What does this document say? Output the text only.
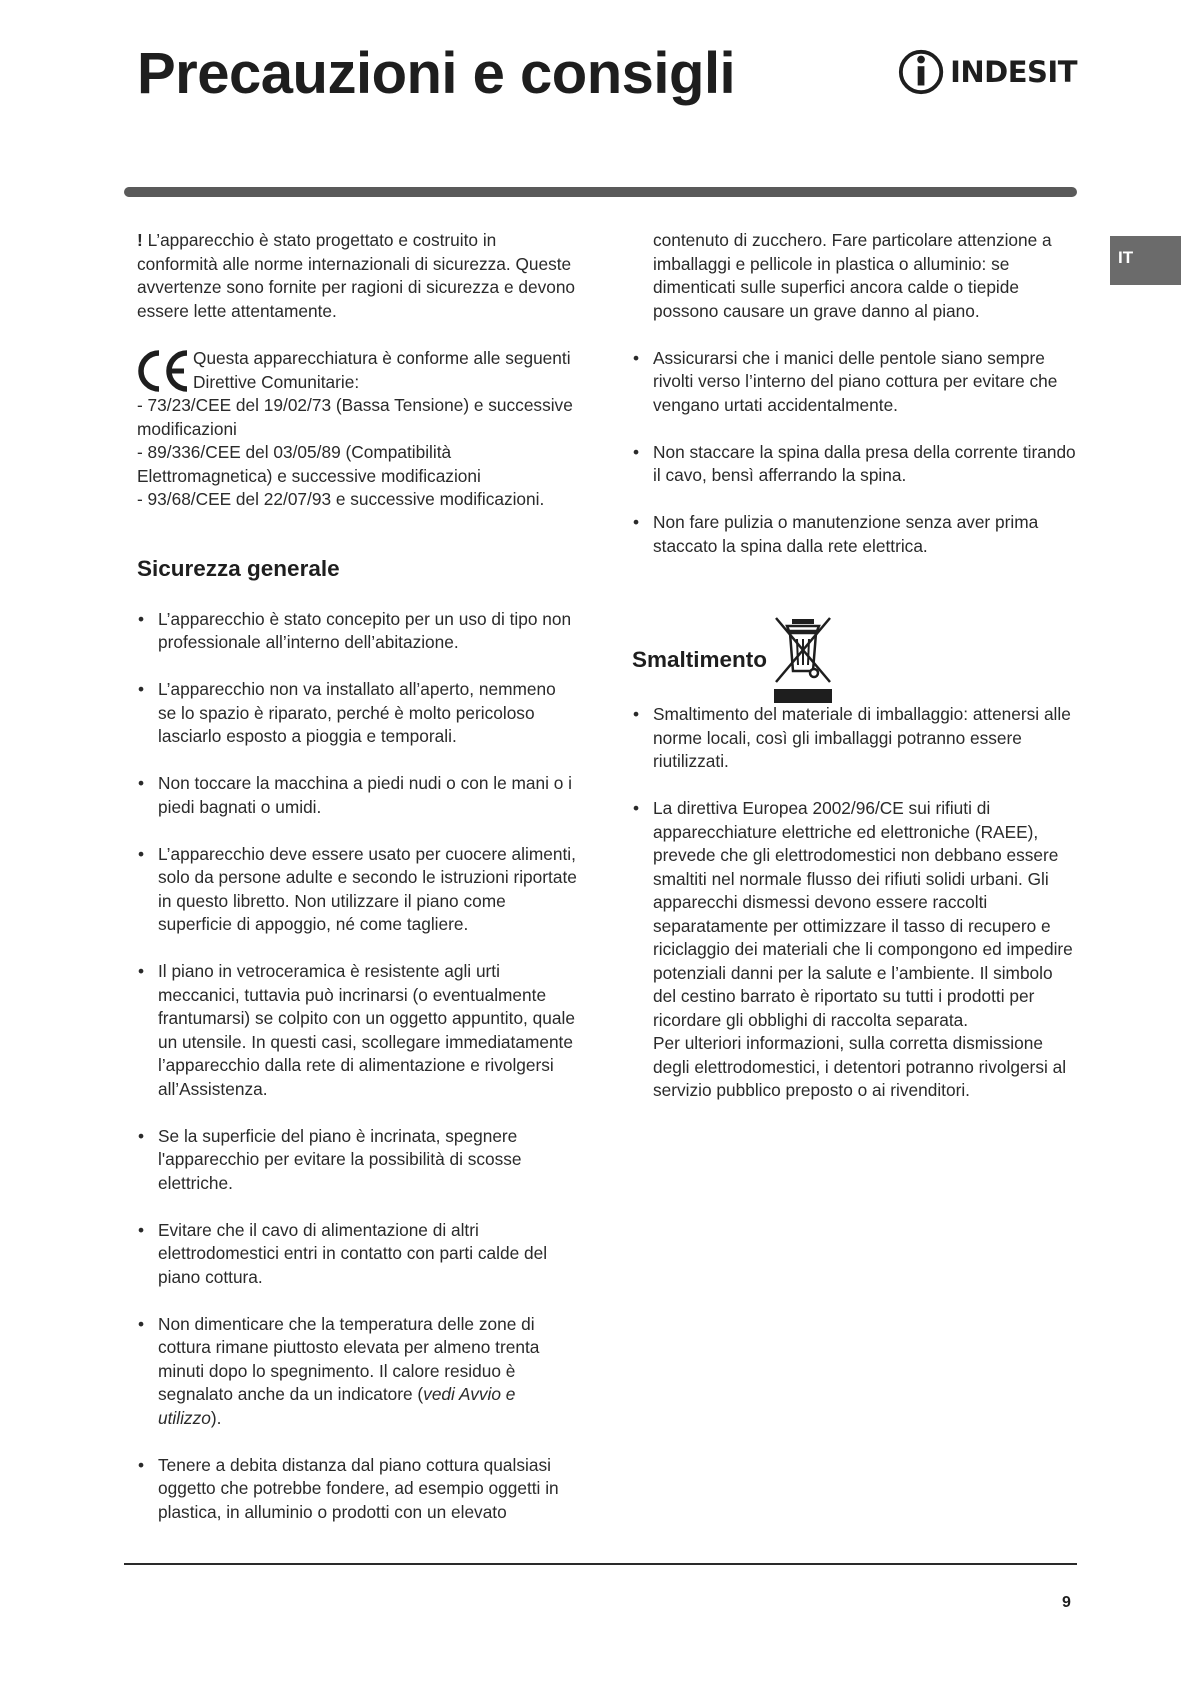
Precauzioni e consigli	INDESIT
IT

! L’apparecchio è stato progettato e costruito in conformità alle norme internazionali di sicurezza. Queste avvertenze sono fornite per ragioni di sicurezza e devono essere lette attentamente.

Questa apparecchiatura è conforme alle seguenti Direttive Comunitarie:

- 73/23/CEE del 19/02/73 (Bassa Tensione) e successive modificazioni

- 89/336/CEE del 03/05/89 (Compatibilità Elettromagnetica) e successive modificazioni

- 93/68/CEE del 22/07/93 e successive modificazioni.

Sicurezza generale
• L’apparecchio è stato concepito per un uso di tipo non professionale all’interno dell’abitazione.
• L’apparecchio non va installato all’aperto, nemmeno se lo spazio è riparato, perché è molto pericoloso lasciarlo esposto a pioggia e temporali.
• Non toccare la macchina a piedi nudi o con le mani o i piedi bagnati o umidi.
• L’apparecchio deve essere usato per cuocere alimenti, solo da persone adulte e secondo le istruzioni riportate in questo libretto. Non utilizzare il piano come superficie di appoggio, né come tagliere.
• Il piano in vetroceramica è resistente agli urti meccanici, tuttavia può incrinarsi (o eventualmente frantumarsi) se colpito con un oggetto appuntito, quale un utensile. In questi casi, scollegare immediatamente l’apparecchio dalla rete di alimentazione e rivolgersi all’Assistenza.
• Se la superficie del piano è incrinata, spegnere l'apparecchio per evitare la possibilità di scosse elettriche.
• Evitare che il cavo di alimentazione di altri elettrodomestici entri in contatto con parti calde del piano cottura.
• Non dimenticare che la temperatura delle zone di cottura rimane piuttosto elevata per almeno trenta minuti dopo lo spegnimento. Il calore residuo è segnalato anche da un indicatore (vedi Avvio e utilizzo).
• Tenere a debita distanza dal piano cottura qualsiasi oggetto che potrebbe fondere, ad esempio oggetti in plastica, in alluminio o prodotti con un elevato

contenuto di zucchero. Fare particolare attenzione a imballaggi e pellicole in plastica o alluminio: se dimenticati sulle superfici ancora calde o tiepide possono causare un grave danno al piano.

• Assicurarsi che i manici delle pentole siano sempre rivolti verso l’interno del piano cottura per evitare che vengano urtati accidentalmente.
• Non staccare la spina dalla presa della corrente tirando il cavo, bensì afferrando la spina.
• Non fare pulizia o manutenzione senza aver prima staccato la spina dalla rete elettrica.
Smaltimento
• Smaltimento del materiale di imballaggio: attenersi alle norme locali, così gli imballaggi potranno essere riutilizzati.
• La direttiva Europea 2002/96/CE sui rifiuti di apparecchiature elettriche ed elettroniche (RAEE), prevede che gli elettrodomestici non debbano essere smaltiti nel normale flusso dei rifiuti solidi urbani. Gli apparecchi dismessi devono essere raccolti separatamente per ottimizzare il tasso di recupero e riciclaggio dei materiali che li compongono ed impedire potenziali danni per la salute e l’ambiente. Il simbolo del cestino barrato è riportato su tutti i prodotti per ricordare gli obblighi di raccolta separata.
Per ulteriori informazioni, sulla corretta dismissione degli elettrodomestici, i detentori potranno rivolgersi al servizio pubblico preposto o ai rivenditori.
9
